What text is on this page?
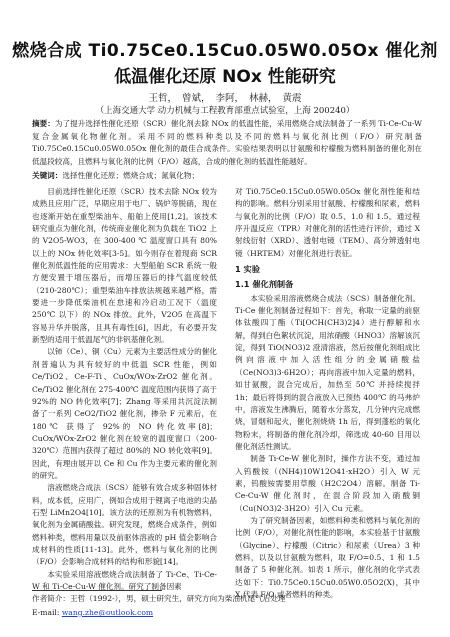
燃烧合成 Ti0.75Ce0.15Cu0.05W0.05Ox 催化剂
低温催化还原 NOx 性能研究
王哲， 曾斌， 李阿， 林赫， 黄震
（上海交通大学 动力机械与工程教育部重点试验室，上海 200240）
摘要：为了提升选择性催化还原（SCR）催化剂去除 NOx 的低温性能，采用燃烧合成法制备了一系列 Ti-Ce-Cu-W 复合金属氧化物催化剂。采用不同的燃料种类以及不同的燃料与氧化剂比例（F/O）研究制备 Ti0.75Ce0.15Cu0.05W0.05Ox 催化剂的最佳合成条件。实验结果表明以甘氨酸和柠檬酸为燃料制备的催化剂在低温段较高，且燃料与氧化剂的比例（F/O）越高，合成的催化剂的低温性能越好。
关键词：选择性催化还原；燃烧合成；氮氧化物；

目前选择性催化还原（SCR）技术去除 NOx 较为成熟且应用广泛，早期应用于电厂、锅炉等脱硝，现在也逐渐开始在重型柴油车、船舶上使用[1,2]。该技术研究重点为催化剂，传统商业催化剂为负载在 TiO2 上的 V2O5-WO3，在 300-400 ℃ 温度窗口具有 80%以上的 NOx 转化效率[3-5]。如今则存在着现商 SCR 催化剂低温性能的应用需求：大型船舶 SCR 系统一般方便安置于增压器后，而增压器后的排气温度较低（210-280℃）；重型柴油车排放法规越来越严格，需要进一步降低柴油机在怠速和冷启动工况下（温度 250℃ 以下）的 NOx 排放。此外，V2O5 在高温下容易升华并脱落，且具有毒性[6]，因此，有必要开发新型的适用于低温尾气的非钒基催化剂。

以铈（Ce）、铜（Cu）元素为主要活性成分的催化剂普遍认为具有较好的中低温 SCR 性能，例如 Ce/TiO2、Ce-F-Ti、CuOx/WOx-ZrO2 催化剂。Ce/TiO2 催化剂在 275-400℃ 温度范围内获得了高于 92%的 NO 转化效率[7]；Zhang 等采用共沉淀法制备了一系列 CeO2/TiO2 催化剂，掺杂 F 元素后，在 180℃ 获得了 92%的 NO 转化效率[8]；CuOx/WOx-ZrO2 催化剂在较宽的温度窗口（200-320℃）范围内获得了超过 80%的 NO 转化效率[9]。因此，有理由展开以 Ce 和 Cu 作为主要元素的催化剂的研究。

溶液燃烧合成法（SCS）能够有效合成多种固体材料，成本低，应用广，例如合成用于锂离子电池的尖晶石型 LiMn2O4[10]。该方法的还原剂为有机物燃料，氧化剂为金属硝酸盐。研究发现，燃烧合成条件，例如燃料种类，燃料用量以及前驱体溶液的 pH 值会影响合成材料的性质[11-13]。此外，燃料与氧化剂的比例（F/O）会影响合成材料的结构和形貌[14]。

本实验采用溶液燃烧合成法制备了 Ti-Ce、Ti-Ce-W 和 Ti-Ce-Cu-W 催化剂。研究了制备因素

对 Ti0.75Ce0.15Cu0.05W0.05Ox 催化剂性能和结构的影响。燃料分别采用甘氨酸、柠檬酸和尿素，燃料与氧化剂的比例（F/O）取 0.5、1.0 和 1.5。通过程序升温反应（TPR）对催化剂的活性进行评价，通过 X 射线衍射（XRD）、透射电镜（TEM）、高分辨透射电镜（HRTEM）对催化剂进行表征。

1 实验
1.1 催化剂制备

本实验采用溶液燃烧合成法（SCS）制备催化剂。Ti-Ce 催化剂制备过程如下：首先，称取一定量的前驱体钛酸四丁酯（Ti[OCH(CH3)2]4）进行醇解和水解，得到白色絮状沉淀，用浓硝酸（HNO3）溶解该沉淀，得到 TiO(NO3)2 澄清溶液，然后按催化剂组成比例向溶液中加入活性组分的金属硝酸盐（Ce(NO3)3·6H2O）；再向溶液中加入定量的燃料，如甘氨酸，混合完成后，加热至 50℃ 并持续搅拌 1h；最后将得到的混合液放入已预热 400℃ 的马弗炉中，溶液发生沸腾后，随着水分蒸发，几分钟内完成燃烧，冒烟和起火，催化剂烧烧 1h 后，得到蓬松的氧化物粉末，将制备的催化剂冷却，筛选成 40-60 目用以催化剂活性测试。

制备 Ti-Ce-W 催化剂时，操作方法不变，通过加入钨酸铵（(NH4)10W12O41·xH2O）引入 W 元素，钨酸铵需要用草酸（H2C2O4）溶解。制备 Ti-Ce-Cu-W 催化剂时，在混合阶段加入硝酸铜（Cu(NO3)2·3H2O）引入 Cu 元素。

为了研究制备因素，如燃料种类和燃料与氧化剂的比例（F/O），对催化剂性能的影响，本实验基于甘氨酸（Glycine）、柠檬酸（Citric）和尿素（Urea）3 种燃料，以及以甘氨酸为燃料，取 F/O=0.5、1 和 1.5 制备了 5 种催化剂。如表 1 所示，催化剂的化学式表达如下：Ti0.75Ce0.15Cu0.05W0.05O2(X)，其中 X 代表 F/O 或者燃料的种类。

作者简介：王哲（1992-），男，硕士研究生，研究方向为柴油机尾气后处理
E-mail: wang.zhe@outlook.com
